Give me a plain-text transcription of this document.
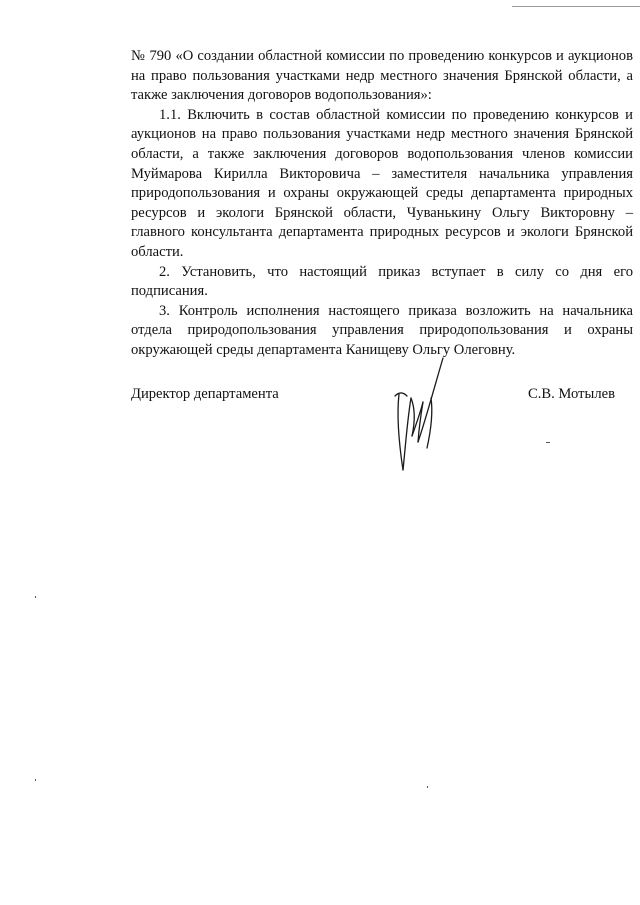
№ 790 «О создании областной комиссии по проведению конкурсов и аукционов на право пользования участками недр местного значения Брянской области, а также заключения договоров водопользования»:

1.1. Включить в состав областной комиссии по проведению конкурсов и аукционов на право пользования участками недр местного значения Брянской области, а также заключения договоров водопользования членов комиссии Муймарова Кирилла Викторовича – заместителя начальника управления природопользования и охраны окружающей среды департамента природных ресурсов и экологи Брянской области, Чуванькину Ольгу Викторовну – главного консультанта департамента природных ресурсов и экологи Брянской области.

2. Установить, что настоящий приказ вступает в силу со дня его подписания.

3. Контроль исполнения настоящего приказа возложить на начальника отдела природопользования управления природопользования и охраны окружающей среды департамента Канищеву Ольгу Олеговну.

Директор департамента	С.В. Мотылев
